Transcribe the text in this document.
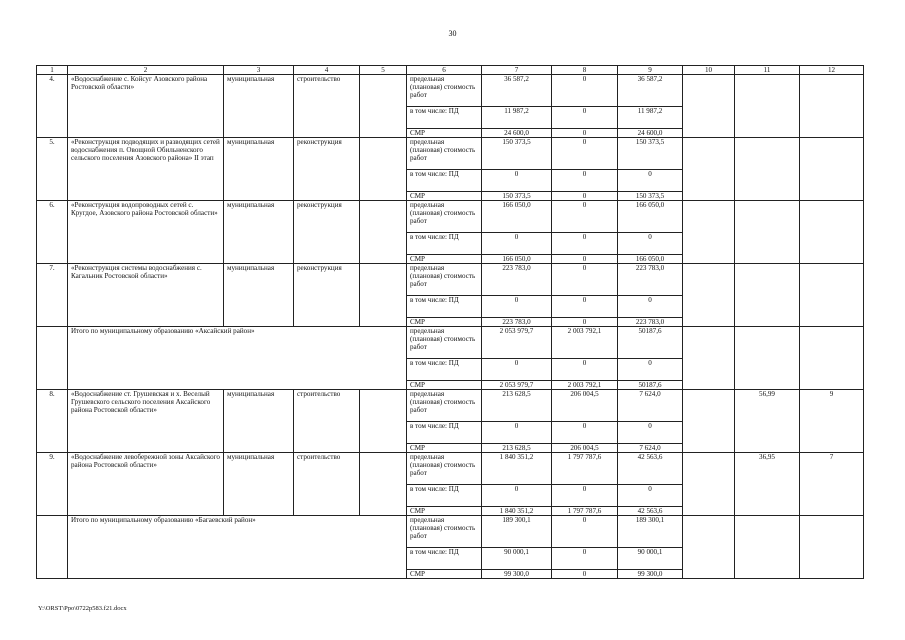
30
1	2	3	4	5	6	7	8	9	10	11	12
4.	«Водоснабжение с. Койсуг Азовского района Ростовской области»	муниципальная	строительство		предельная (плановая) стоимость работ	36 587,2	0	36 587,2			
					в том числе: ПД	11 987,2	0	11 987,2			
					СМР	24 600,0	0	24 600,0			
5.	«Реконструкция подводящих и разводящих сетей водоснабжения п. Овощной Обильненского сельского поселения Азовского района» II этап	муниципальная	реконструкция		предельная (плановая) стоимость работ	150 373,5	0	150 373,5			
					в том числе: ПД	0	0	0			
					СМР	150 373,5	0	150 373,5			
6.	«Реконструкция водопроводных сетей с. Кругдое, Азовского района Ростовской области»	муниципальная	реконструкция		предельная (плановая) стоимость работ	166 050,0	0	166 050,0			
					в том числе: ПД	0	0	0			
					СМР	166 050,0	0	166 050,0			
7.	«Реконструкция системы водоснабжения с. Кагальник Ростовской области»	муниципальная	реконструкция		предельная (плановая) стоимость работ	223 783,0	0	223 783,0			
					в том числе: ПД	0	0	0			
					СМР	223 783,0	0	223 783,0			
	Итого по муниципальному образованию «Аксайский район»				предельная (плановая) стоимость работ	2 053 979,7	2 003 792,1	50187,6			
					в том числе: ПД	0	0	0			
					СМР	2 053 979,7	2 003 792,1	50187,6			
8.	«Водоснабжение ст. Грушевская и х. Веселый Грушевского сельского поселения Аксайского района Ростовской области»	муниципальная	строительство		предельная (плановая) стоимость работ	213 628,5	206 004,5	7 624,0		56,99	9
					в том числе: ПД	0	0	0			
					СМР	213 628,5	206 004,5	7 624,0			
9.	«Водоснабжение левобережной зоны Аксайского района Ростовской области»	муниципальная	строительство		предельная (плановая) стоимость работ	1 840 351,2	1 797 787,6	42 563,6		36,95	7
					в том числе: ПД	0	0	0			
					СМР	1 840 351,2	1 797 787,6	42 563,6			
	Итого по муниципальному образованию «Багаевский район»				предельная (плановая) стоимость работ	189 300,1	0	189 300,1			
					в том числе: ПД	90 000,1	0	90 000,1			
					СМР	99 300,0	0	99 300,0			
Y:\ORST\Ppo\0722p583.f21.docx
